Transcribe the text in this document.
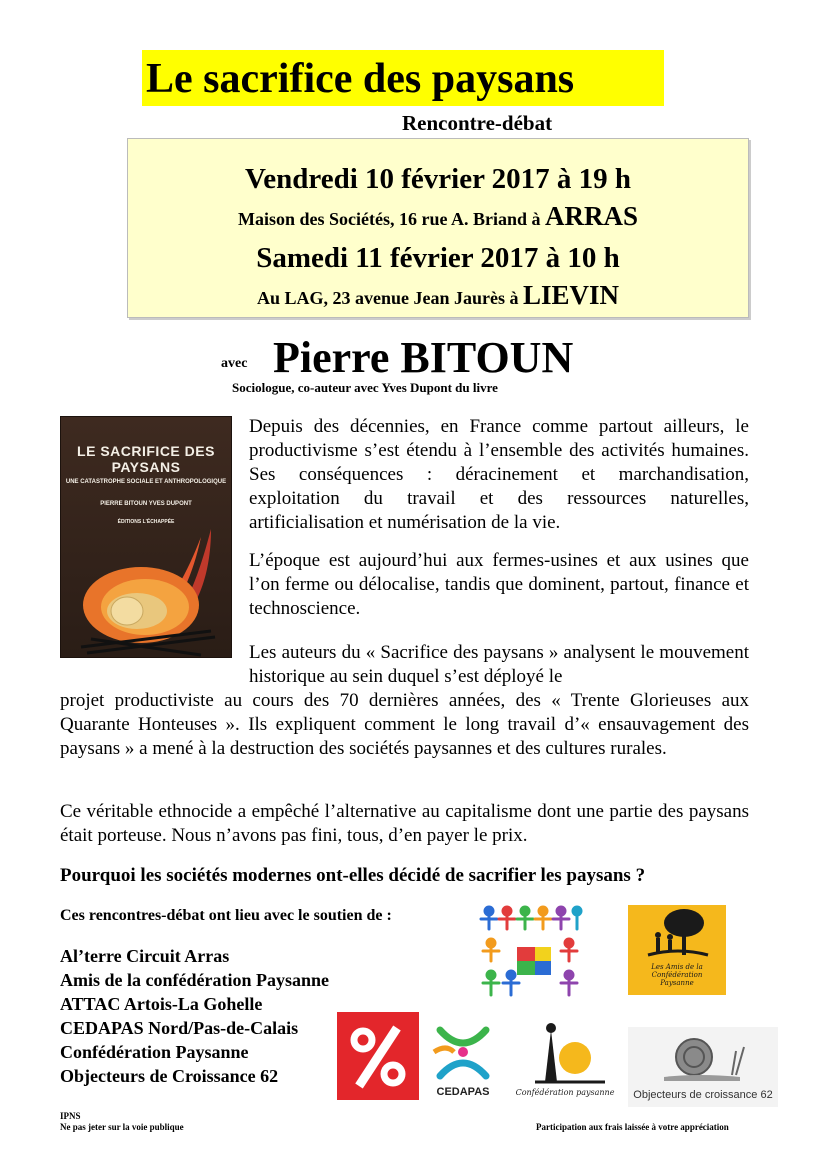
Le sacrifice des paysans
Rencontre-débat
Vendredi 10 février 2017 à 19 h
Maison des Sociétés, 16 rue A. Briand à ARRAS
Samedi 11 février 2017 à 10 h
Au LAG, 23 avenue Jean Jaurès à LIEVIN
avec Pierre BITOUN
Sociologue, co-auteur avec Yves Dupont du livre
LE SACRIFICE DES PAYSANS
UNE CATASTROPHE SOCIALE ET ANTHROPOLOGIQUE
PIERRE BITOUN YVES DUPONT
ÉDITIONS L'ÉCHAPPÉE

Depuis des décennies, en France comme partout ailleurs, le productivisme s’est étendu à l’ensemble des activités humaines. Ses conséquences : déracinement et marchandisation, exploitation du travail et des ressources naturelles, artificialisation et numérisation de la vie.

L’époque est aujourd’hui aux fermes-usines et aux usines que l’on ferme ou délocalise, tandis que dominent, partout, finance et technoscience.

Les auteurs du « Sacrifice des paysans » analysent le mouvement historique au sein duquel s’est déployé le

projet productiviste au cours des 70 dernières années, des « Trente Glorieuses aux Quarante Honteuses ». Ils expliquent comment le long travail d’« ensauvagement des paysans » a mené à la destruction des sociétés paysannes et des cultures rurales.

Ce véritable ethnocide a empêché l’alternative au capitalisme dont une partie des paysans était porteuse. Nous n’avons pas fini, tous, d’en payer le prix.

Pourquoi les sociétés modernes ont-elles décidé de sacrifier les paysans ?
Ces rencontres-débat ont lieu avec le soutien de :
Al’terre Circuit Arras
Amis de la confédération Paysanne
ATTAC Artois-La Gohelle
CEDAPAS Nord/Pas-de-Calais
Confédération Paysanne
Objecteurs de Croissance 62
Les Amis de la
Confédération
Paysanne
CEDAPAS	Confédération paysanne	Objecteurs de croissance 62
IPNS
Ne pas jeter sur la voie publique	Participation aux frais laissée à votre appréciation
